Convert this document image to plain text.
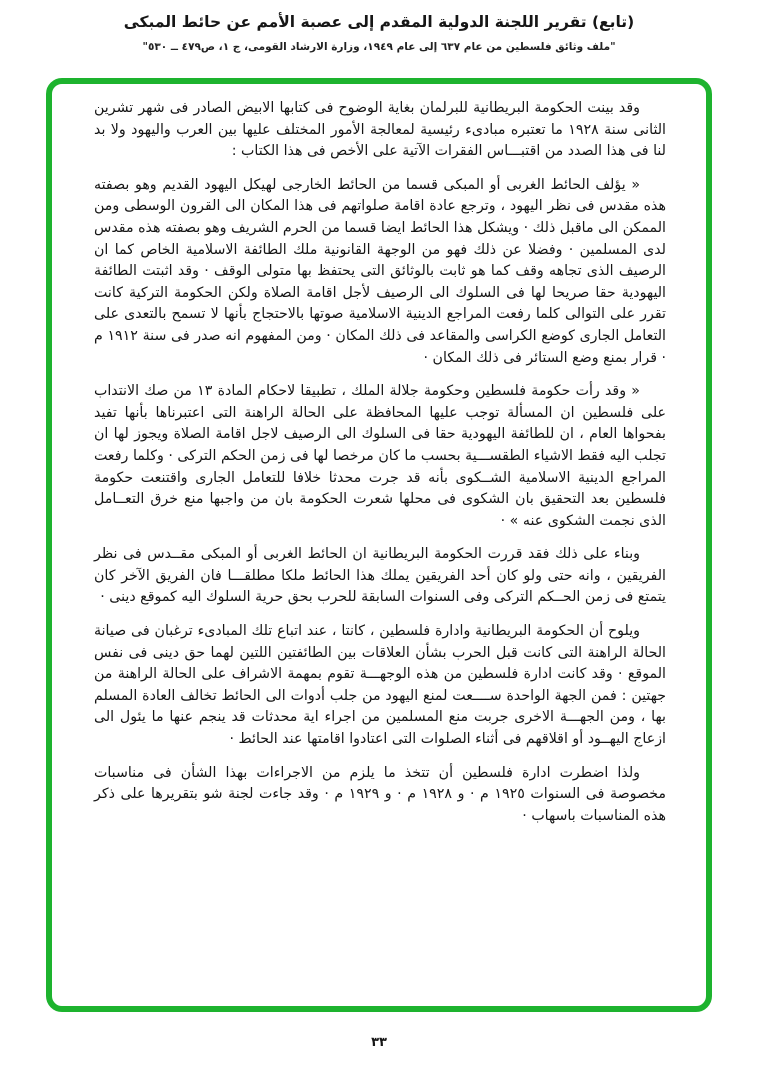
(تابع) تقرير اللجنة الدولية المقدم إلى عصبة الأمم عن حائط المبكى
"ملف وثائق فلسطين من عام ٦٣٧ إلى عام ١٩٤٩، وزارة الارشاد القومى، ج ١، ص٤٧٩ ــ ٥٣٠"

وقد بينت الحكومة البريطانية للبرلمان بغاية الوضوح فى كتابها الابيض الصادر فى شهر تشرين الثانى سنة ١٩٢٨ ما تعتبره مبادىء رئيسية لمعالجة الأمور المختلف عليها بين العرب واليهود ولا بد لنا فى هذا الصدد من اقتبـــاس الفقرات الآتية على الأخص فى هذا الكتاب :

« يؤلف الحائط الغربى أو المبكى قسما من الحائط الخارجى لهيكل اليهود القديم وهو بصفته هذه مقدس فى نظر اليهود ، وترجع عادة اقامة صلواتهم فى هذا المكان الى القرون الوسطى ومن الممكن الى ماقبل ذلك · ويشكل هذا الحائط ايضا قسما من الحرم الشريف وهو بصفته هذه مقدس لدى المسلمين · وفضلا عن ذلك فهو من الوجهة القانونية ملك الطائفة الاسلامية الخاص كما ان الرصيف الذى تجاهه وقف كما هو ثابت بالوثائق التى يحتفظ بها متولى الوقف · وقد اثبتت الطائفة اليهودية حقا صريحا لها فى السلوك الى الرصيف لأجل اقامة الصلاة ولكن الحكومة التركية كانت تقرر على التوالى كلما رفعت المراجع الدينية الاسلامية صوتها بالاحتجاج بأنها لا تسمح بالتعدى على التعامل الجارى كوضع الكراسى والمقاعد فى ذلك المكان · ومن المفهوم انه صدر فى سنة ١٩١٢ م · قرار بمنع وضع الستائر فى ذلك المكان ·

« وقد رأت حكومة فلسطين وحكومة جلالة الملك ، تطبيقا لاحكام المادة ١٣ من صك الانتداب على فلسطين ان المسألة توجب عليها المحافظة على الحالة الراهنة التى اعتبرناها بأنها تفيد بفحواها العام ، ان للطائفة اليهودية حقا فى السلوك الى الرصيف لاجل اقامة الصلاة ويجوز لها ان تجلب اليه فقط الاشياء الطقســـية بحسب ما كان مرخصا لها فى زمن الحكم التركى · وكلما رفعت المراجع الدينية الاسلامية الشــكوى بأنه قد جرت محدثا خلافا للتعامل الجارى واقتنعت حكومة فلسطين بعد التحقيق بان الشكوى فى محلها شعرت الحكومة بان من واجبها منع خرق التعــامل الذى نجمت الشكوى عنه » ·

وبناء على ذلك فقد قررت الحكومة البريطانية ان الحائط الغربى أو المبكى مقــدس فى نظر الفريقين ، وانه حتى ولو كان أحد الفريقين يملك هذا الحائط ملكا مطلقـــا فان الفريق الآخر كان يتمتع فى زمن الحــكم التركى وفى السنوات السابقة للحرب بحق حرية السلوك اليه كموقع دينى ·

ويلوح أن الحكومة البريطانية وادارة فلسطين ، كانتا ، عند اتباع تلك المبادىء ترغبان فى صيانة الحالة الراهنة التى كانت قبل الحرب بشأن العلاقات بين الطائفتين اللتين لهما حق دينى فى نفس الموقع · وقد كانت ادارة فلسطين من هذه الوجهـــة تقوم بمهمة الاشراف على الحالة الراهنة من جهتين : فمن الجهة الواحدة ســــعت لمنع اليهود من جلب أدوات الى الحائط تخالف العادة المسلم بها ، ومن الجهـــة الاخرى جربت منع المسلمين من اجراء اية محدثات قد ينجم عنها ما يئول الى ازعاج اليهــود أو اقلاقهم فى أثناء الصلوات التى اعتادوا اقامتها عند الحائط ·

ولذا اضطرت ادارة فلسطين أن تتخذ ما يلزم من الاجراءات بهذا الشأن فى مناسبات مخصوصة فى السنوات ١٩٢٥ م · و ١٩٢٨ م · و ١٩٢٩ م · وقد جاءت لجنة شو بتقريرها على ذكر هذه المناسبات باسهاب ·

٣٣
